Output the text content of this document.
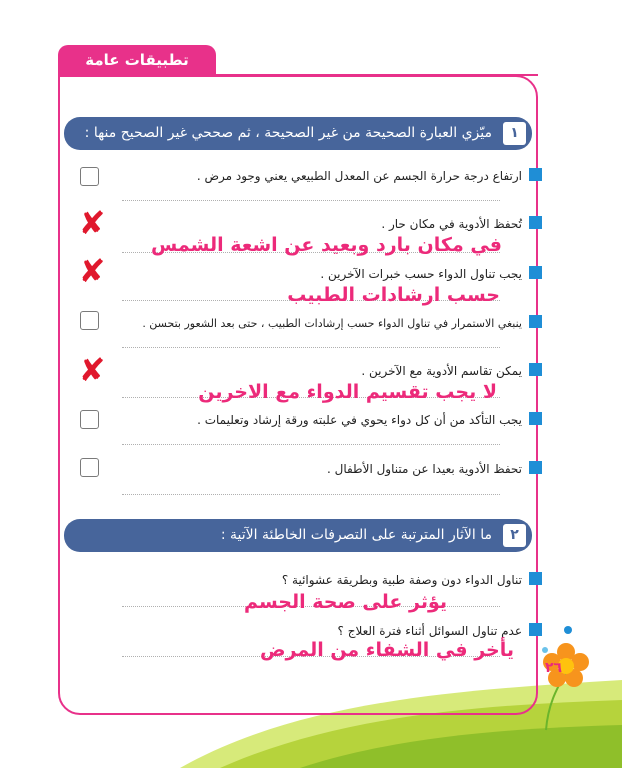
تطبيقات عامة
١
ميّزي العبارة الصحيحة من غير الصحيحة ، ثم صححي غير الصحيح منها :
ارتفاع درجة حرارة الجسم عن المعدل الطبيعي يعني وجود مرض .
تُحفظ الأدوية في مكان حار .
✘
في مكان بارد وبعيد عن اشعة الشمس
يجب تناول الدواء حسب خبرات الآخرين .
✘
حسب ارشادات الطبيب
ينبغي الاستمرار في تناول الدواء حسب إرشادات الطبيب ، حتى بعد الشعور بتحسن .
يمكن تقاسم الأدوية مع الآخرين .
✘
لا يجب تقسيم الدواء مع الاخرين
يجب التأكد من أن كل دواء يحوي في علبته ورقة إرشاد وتعليمات .
تحفظ الأدوية بعيدا عن متناول الأطفال .
٢
ما الآثار المترتبة على التصرفات الخاطئة الآتية :
تناول الدواء دون وصفة طبية وبطريقة عشوائية ؟
يؤثر على صحة الجسم
عدم تناول السوائل أثناء فترة العلاج ؟
يأخر في الشفاء من المرض
٢٦
